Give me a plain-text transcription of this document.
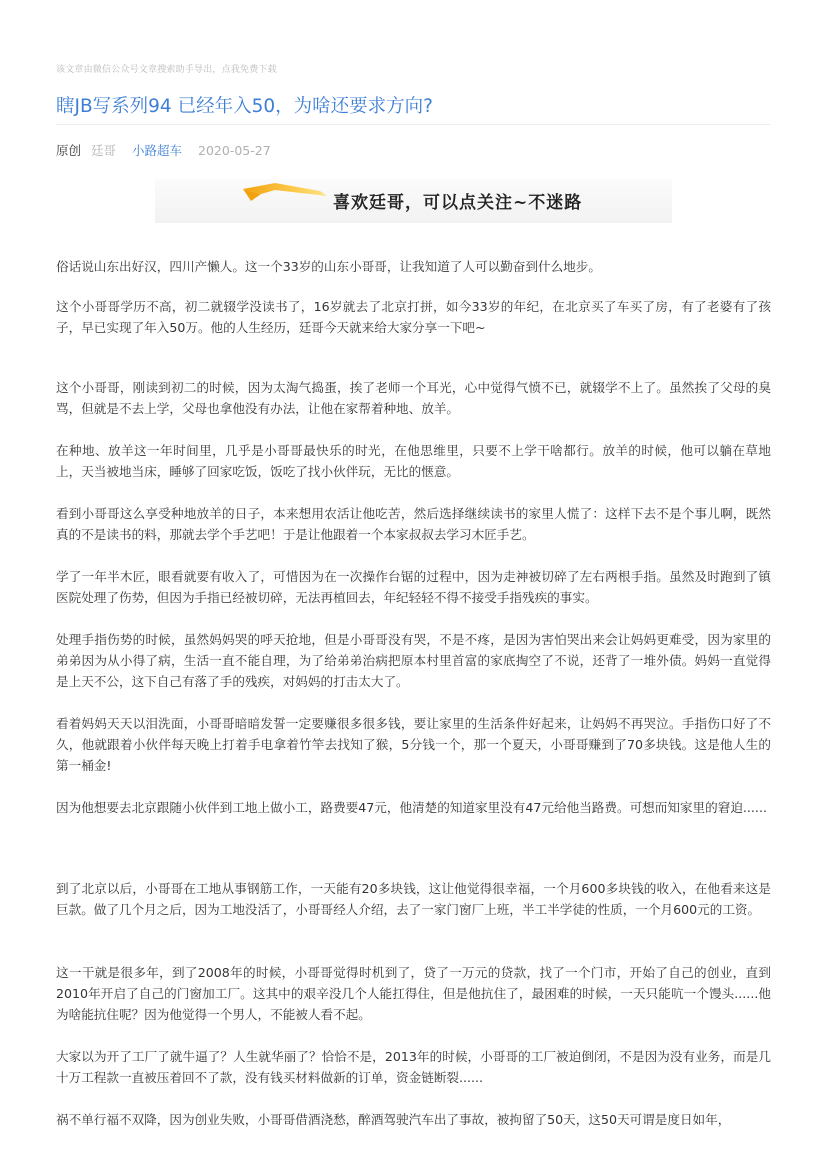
该文章由微信公众号文章搜索助手导出，点我免费下载
瞎JB写系列94 已经年入50，为啥还要求方向?
原创 廷哥 小路超车 2020-05-27
喜欢廷哥，可以点关注~不迷路

俗话说山东出好汉，四川产懒人。这一个33岁的山东小哥哥，让我知道了人可以勤奋到什么地步。

这个小哥哥学历不高，初二就辍学没读书了，16岁就去了北京打拼，如今33岁的年纪，在北京买了车买了房，有了老婆有了孩子，早已实现了年入50万。他的人生经历，廷哥今天就来给大家分享一下吧~

这个小哥哥，刚读到初二的时候，因为太淘气捣蛋，挨了老师一个耳光，心中觉得气愤不已，就辍学不上了。虽然挨了父母的臭骂，但就是不去上学，父母也拿他没有办法，让他在家帮着种地、放羊。

在种地、放羊这一年时间里，几乎是小哥哥最快乐的时光，在他思维里，只要不上学干啥都行。放羊的时候，他可以躺在草地上，天当被地当床，睡够了回家吃饭，饭吃了找小伙伴玩，无比的惬意。

看到小哥哥这么享受种地放羊的日子，本来想用农活让他吃苦，然后选择继续读书的家里人慌了：这样下去不是个事儿啊，既然真的不是读书的料，那就去学个手艺吧！于是让他跟着一个本家叔叔去学习木匠手艺。

学了一年半木匠，眼看就要有收入了，可惜因为在一次操作台锯的过程中，因为走神被切碎了左右两根手指。虽然及时跑到了镇医院处理了伤势，但因为手指已经被切碎，无法再植回去，年纪轻轻不得不接受手指残疾的事实。

处理手指伤势的时候，虽然妈妈哭的呼天抢地，但是小哥哥没有哭，不是不疼，是因为害怕哭出来会让妈妈更难受，因为家里的弟弟因为从小得了病，生活一直不能自理，为了给弟弟治病把原本村里首富的家底掏空了不说，还背了一堆外债。妈妈一直觉得是上天不公，这下自己有落了手的残疾，对妈妈的打击太大了。

看着妈妈天天以泪洗面，小哥哥暗暗发誓一定要赚很多很多钱，要让家里的生活条件好起来，让妈妈不再哭泣。手指伤口好了不久，他就跟着小伙伴每天晚上打着手电拿着竹竿去找知了猴，5分钱一个，那一个夏天，小哥哥赚到了70多块钱。这是他人生的第一桶金!

因为他想要去北京跟随小伙伴到工地上做小工，路费要47元，他清楚的知道家里没有47元给他当路费。可想而知家里的窘迫......

到了北京以后，小哥哥在工地从事钢筋工作，一天能有20多块钱，这让他觉得很幸福，一个月600多块钱的收入，在他看来这是巨款。做了几个月之后，因为工地没活了，小哥哥经人介绍，去了一家门窗厂上班，半工半学徒的性质，一个月600元的工资。

这一干就是很多年，到了2008年的时候，小哥哥觉得时机到了，贷了一万元的贷款，找了一个门市，开始了自己的创业，直到2010年开启了自己的门窗加工厂。这其中的艰辛没几个人能扛得住，但是他抗住了，最困难的时候，一天只能吭一个馒头......他为啥能抗住呢？因为他觉得一个男人，不能被人看不起。

大家以为开了工厂了就牛逼了？人生就华丽了？恰恰不是，2013年的时候，小哥哥的工厂被迫倒闭，不是因为没有业务，而是几十万工程款一直被压着回不了款，没有钱买材料做新的订单，资金链断裂......

祸不单行福不双降，因为创业失败，小哥哥借酒浇愁，醉酒驾驶汽车出了事故，被拘留了50天，这50天可谓是度日如年，
